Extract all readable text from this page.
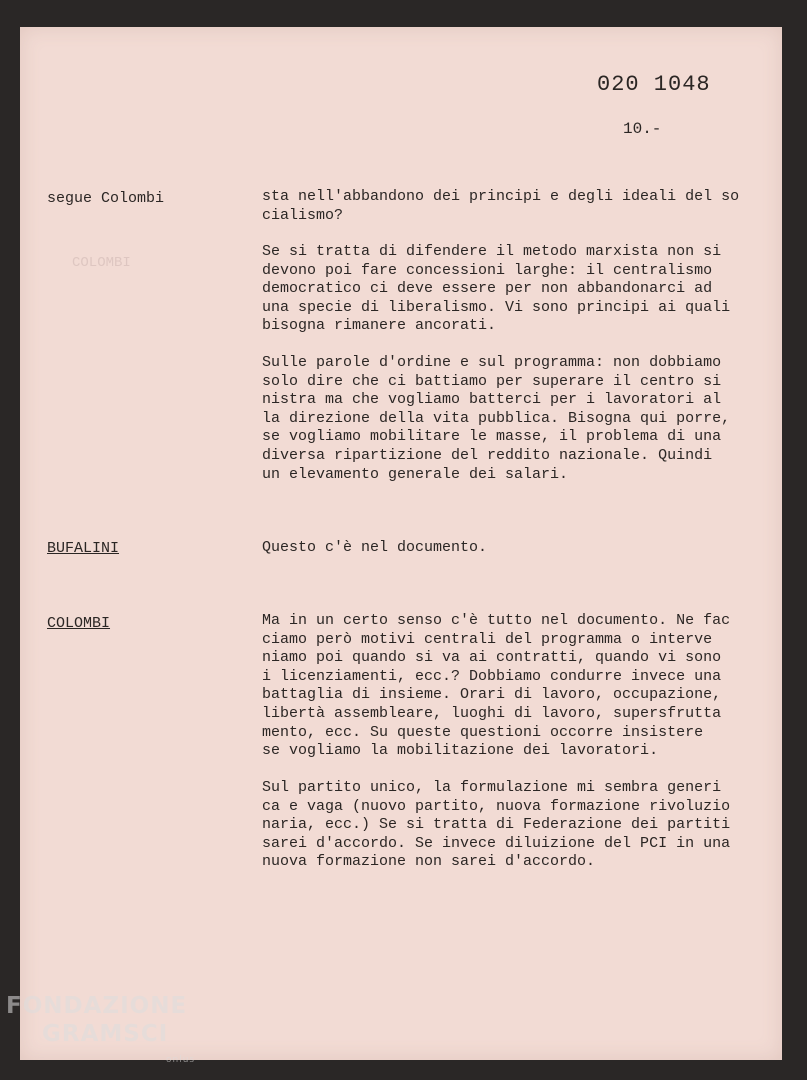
020 1048
10.-
COLOMBI
segue Colombi	sta nell'abbandono dei principi e degli ideali del so
cialismo?
Se si tratta di difendere il metodo marxista non si
devono poi fare concessioni larghe: il centralismo
democratico ci deve essere per non abbandonarci ad
una specie di liberalismo. Vi sono principi ai quali
bisogna rimanere ancorati.
Sulle parole d'ordine e sul programma: non dobbiamo
solo dire che ci battiamo per superare il centro si
nistra ma che vogliamo batterci per i lavoratori al
la direzione della vita pubblica. Bisogna qui porre,
se vogliamo mobilitare le masse, il problema di una
diversa ripartizione del reddito nazionale. Quindi
un elevamento generale dei salari.
BUFALINI	Questo c'è nel documento.
COLOMBI	Ma in un certo senso c'è tutto nel documento. Ne fac
ciamo però motivi centrali del programma o interve
niamo poi quando si va ai contratti, quando vi sono
i licenziamenti, ecc.? Dobbiamo condurre invece una
battaglia di insieme. Orari di lavoro, occupazione,
libertà assembleare, luoghi di lavoro, supersfrutta
mento, ecc. Su queste questioni occorre insistere
se vogliamo la mobilitazione dei lavoratori.
Sul partito unico, la formulazione mi sembra generi
ca e vaga (nuovo partito, nuova formazione rivoluzio
naria, ecc.) Se si tratta di Federazione dei partiti
sarei d'accordo. Se invece diluizione del PCI in una
nuova formazione non sarei d'accordo.
FONDAZIONE
GRAMSCI
onlus
